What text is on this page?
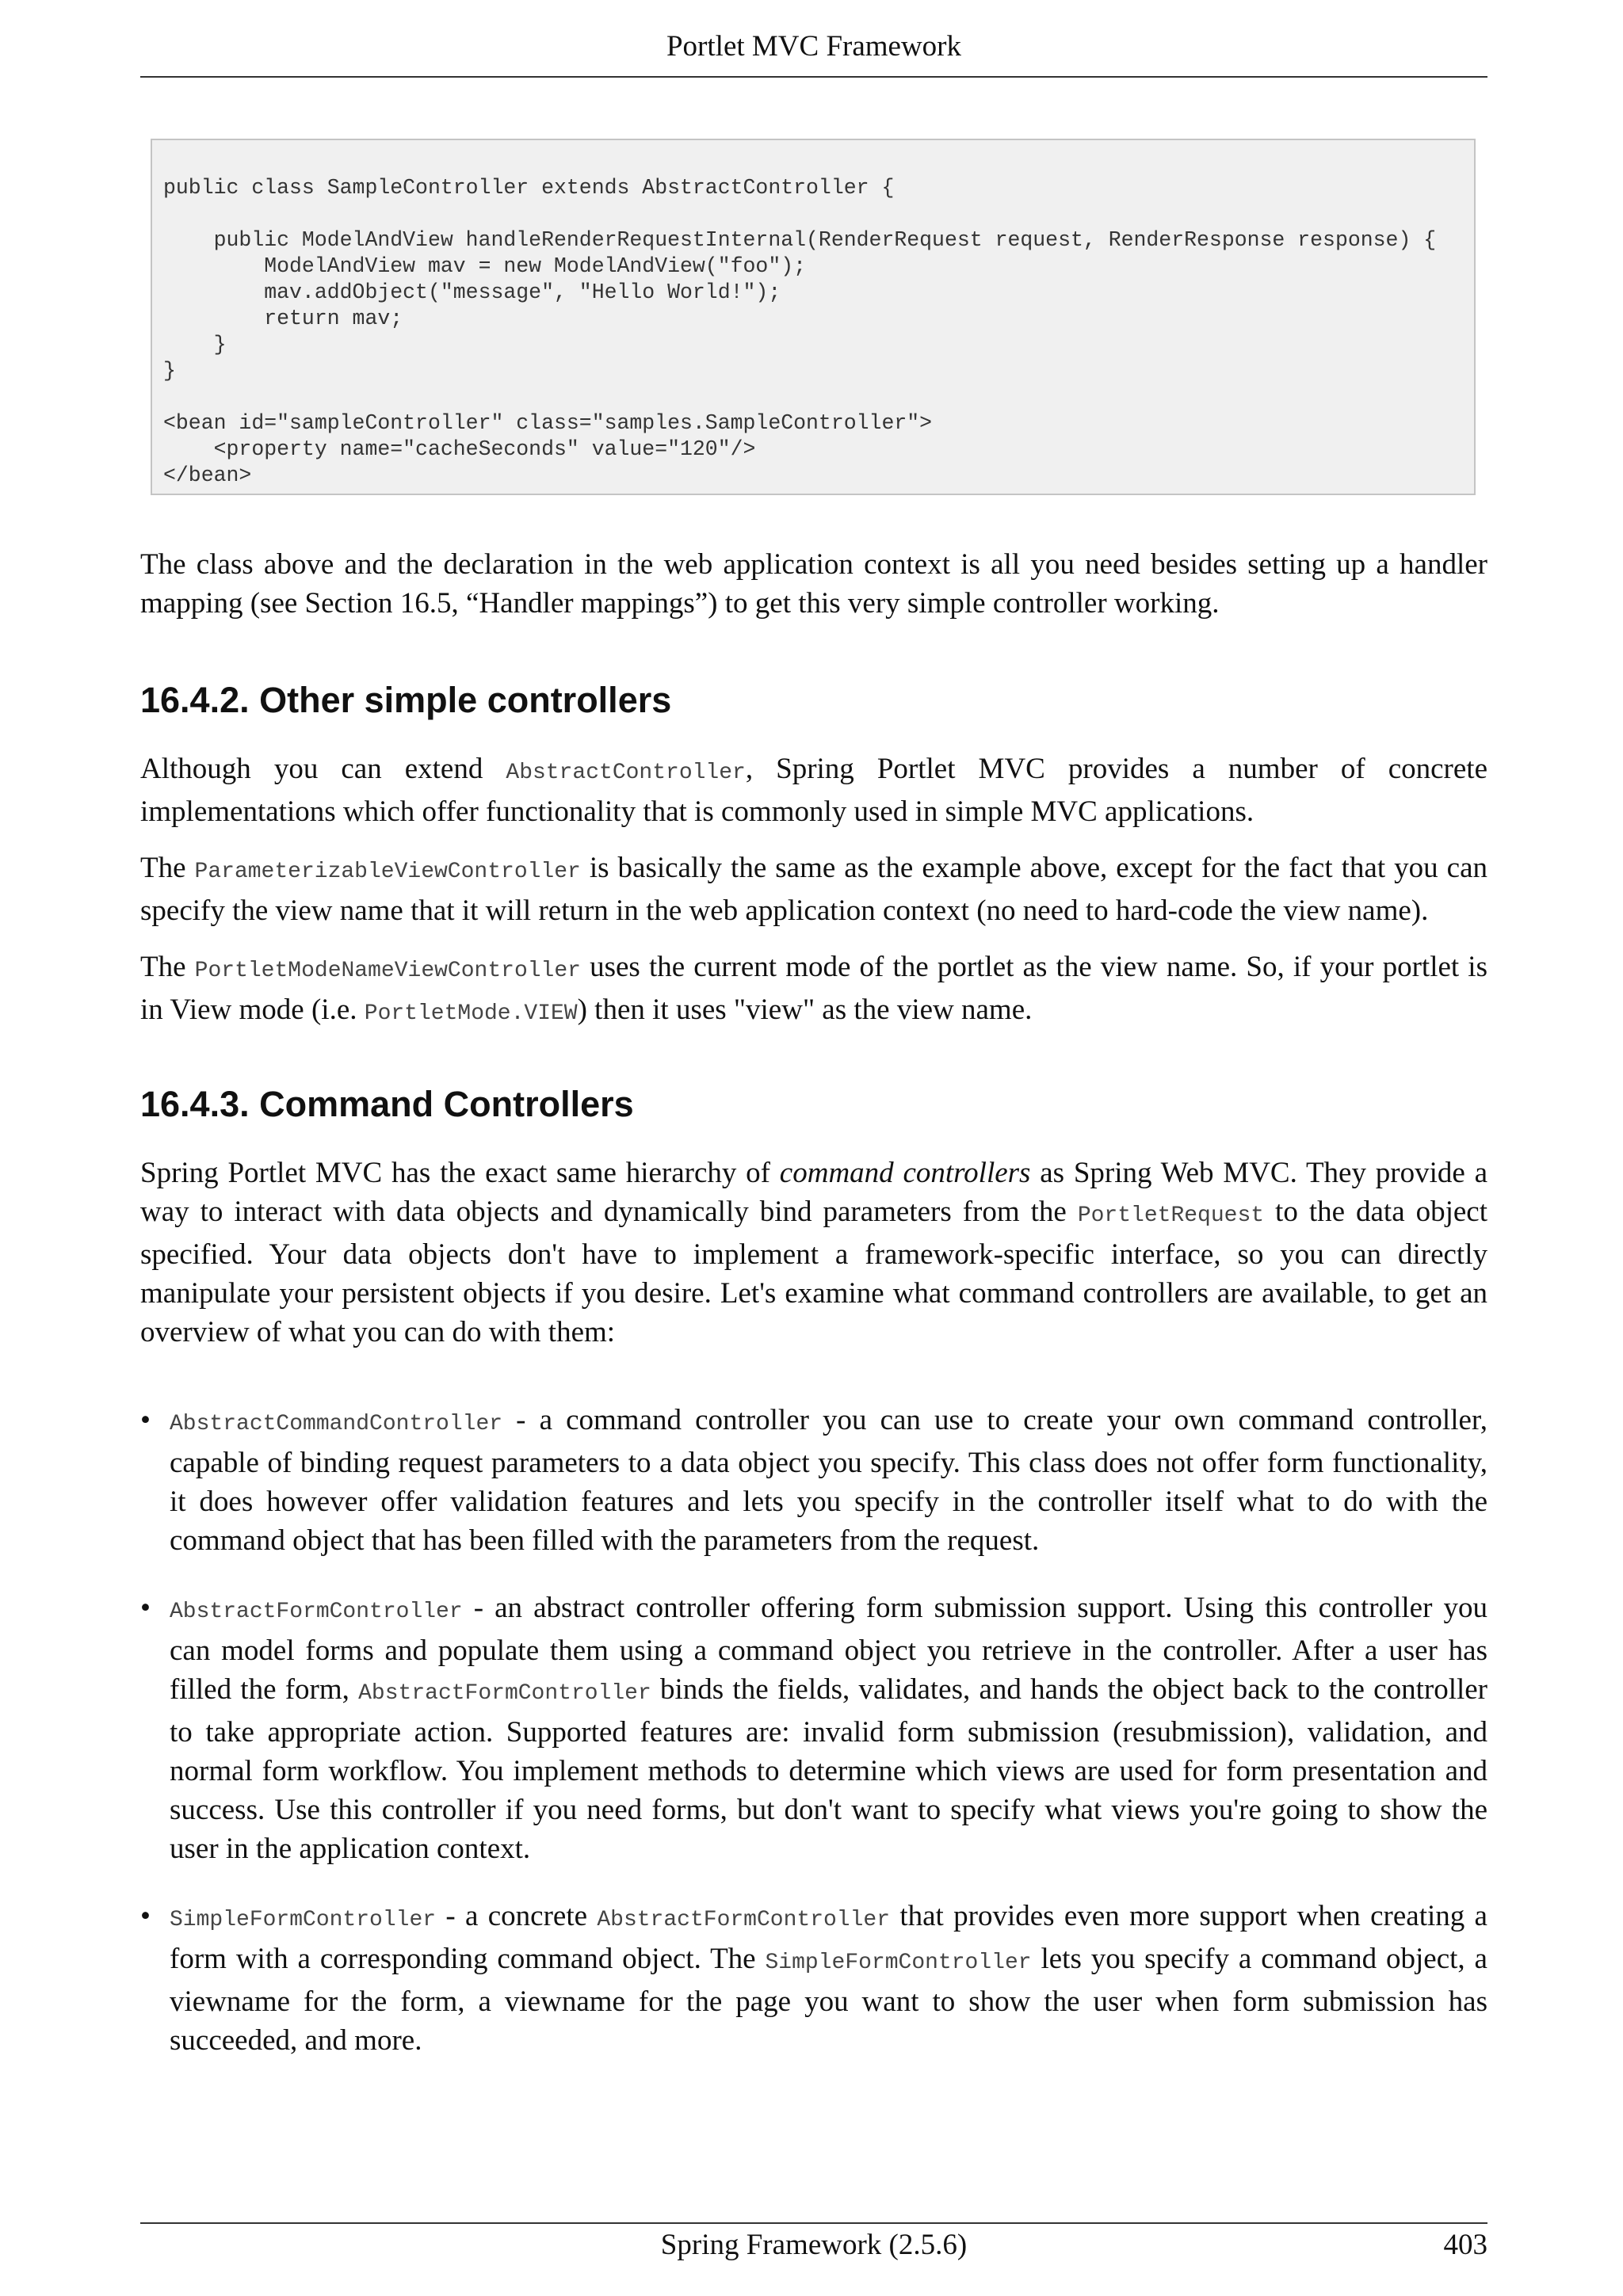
Portlet MVC Framework
public class SampleController extends AbstractController {
public ModelAndView handleRenderRequestInternal(RenderRequest request, RenderResponse response) {
ModelAndView mav = new ModelAndView("foo");
mav.addObject("message", "Hello World!");
return mav;
}
}
<bean id="sampleController" class="samples.SampleController">
<property name="cacheSeconds" value="120"/>
</bean>

The class above and the declaration in the web application context is all you need besides setting up a handler mapping (see Section 16.5, “Handler mappings”) to get this very simple controller working.

16.4.2. Other simple controllers

Although you can extend AbstractController, Spring Portlet MVC provides a number of concrete implementations which offer functionality that is commonly used in simple MVC applications.

The ParameterizableViewController is basically the same as the example above, except for the fact that you can specify the view name that it will return in the web application context (no need to hard-code the view name).

The PortletModeNameViewController uses the current mode of the portlet as the view name. So, if your portlet is in View mode (i.e. PortletMode.VIEW) then it uses "view" as the view name.

16.4.3. Command Controllers

Spring Portlet MVC has the exact same hierarchy of command controllers as Spring Web MVC. They provide a way to interact with data objects and dynamically bind parameters from the PortletRequest to the data object specified. Your data objects don't have to implement a framework-specific interface, so you can directly manipulate your persistent objects if you desire. Let's examine what command controllers are available, to get an overview of what you can do with them:

• AbstractCommandController - a command controller you can use to create your own command controller, capable of binding request parameters to a data object you specify. This class does not offer form functionality, it does however offer validation features and lets you specify in the controller itself what to do with the command object that has been filled with the parameters from the request.
• AbstractFormController - an abstract controller offering form submission support. Using this controller you can model forms and populate them using a command object you retrieve in the controller. After a user has filled the form, AbstractFormController binds the fields, validates, and hands the object back to the controller to take appropriate action. Supported features are: invalid form submission (resubmission), validation, and normal form workflow. You implement methods to determine which views are used for form presentation and success. Use this controller if you need forms, but don't want to specify what views you're going to show the user in the application context.
• SimpleFormController - a concrete AbstractFormController that provides even more support when creating a form with a corresponding command object. The SimpleFormController lets you specify a command object, a viewname for the form, a viewname for the page you want to show the user when form submission has succeeded, and more.
Spring Framework (2.5.6)	403
